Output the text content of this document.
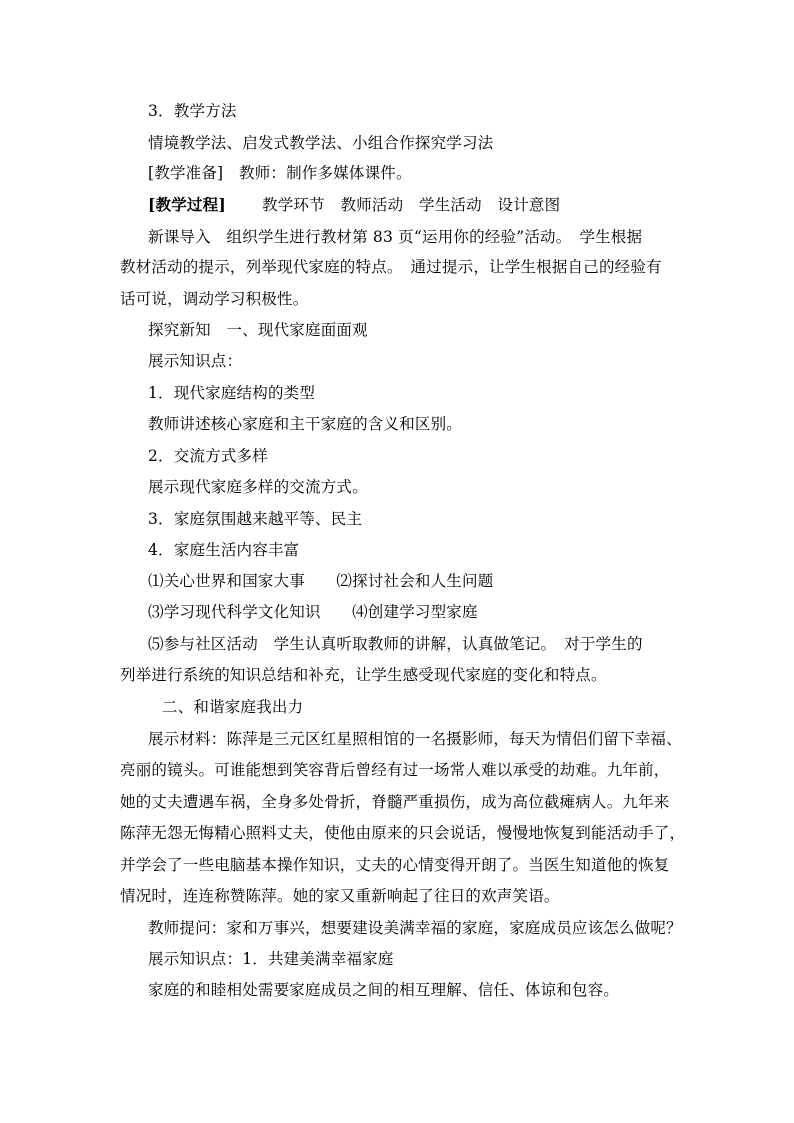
3．教学方法
情境教学法、启发式教学法、小组合作探究学习法
[教学准备]　教师：制作多媒体课件。
[教学过程]	教学环节　教师活动　学生活动　设计意图
新课导入　组织学生进行教材第 83 页“运用你的经验”活动。　学生根据
教材活动的提示，列举现代家庭的特点。　通过提示，让学生根据自己的经验有
话可说，调动学习积极性。
探究新知　一、现代家庭面面观
展示知识点：
1．现代家庭结构的类型
教师讲述核心家庭和主干家庭的含义和区别。
2．交流方式多样
展示现代家庭多样的交流方式。
3．家庭氛围越来越平等、民主
4．家庭生活内容丰富
⑴关心世界和国家大事　　⑵探讨社会和人生问题
⑶学习现代科学文化知识　　⑷创建学习型家庭
⑸参与社区活动　学生认真听取教师的讲解，认真做笔记。　对于学生的
列举进行系统的知识总结和补充，让学生感受现代家庭的变化和特点。
二、和谐家庭我出力
展示材料：陈萍是三元区红星照相馆的一名摄影师，每天为情侣们留下幸福、
亮丽的镜头。可谁能想到笑容背后曾经有过一场常人难以承受的劫难。九年前，
她的丈夫遭遇车祸，全身多处骨折，脊髓严重损伤，成为高位截瘫病人。九年来
陈萍无怨无悔精心照料丈夫，使他由原来的只会说话，慢慢地恢复到能活动手了，
并学会了一些电脑基本操作知识，丈夫的心情变得开朗了。当医生知道他的恢复
情况时，连连称赞陈萍。她的家又重新响起了往日的欢声笑语。
教师提问：家和万事兴，想要建设美满幸福的家庭，家庭成员应该怎么做呢？
展示知识点：1．共建美满幸福家庭
家庭的和睦相处需要家庭成员之间的相互理解、信任、体谅和包容。
